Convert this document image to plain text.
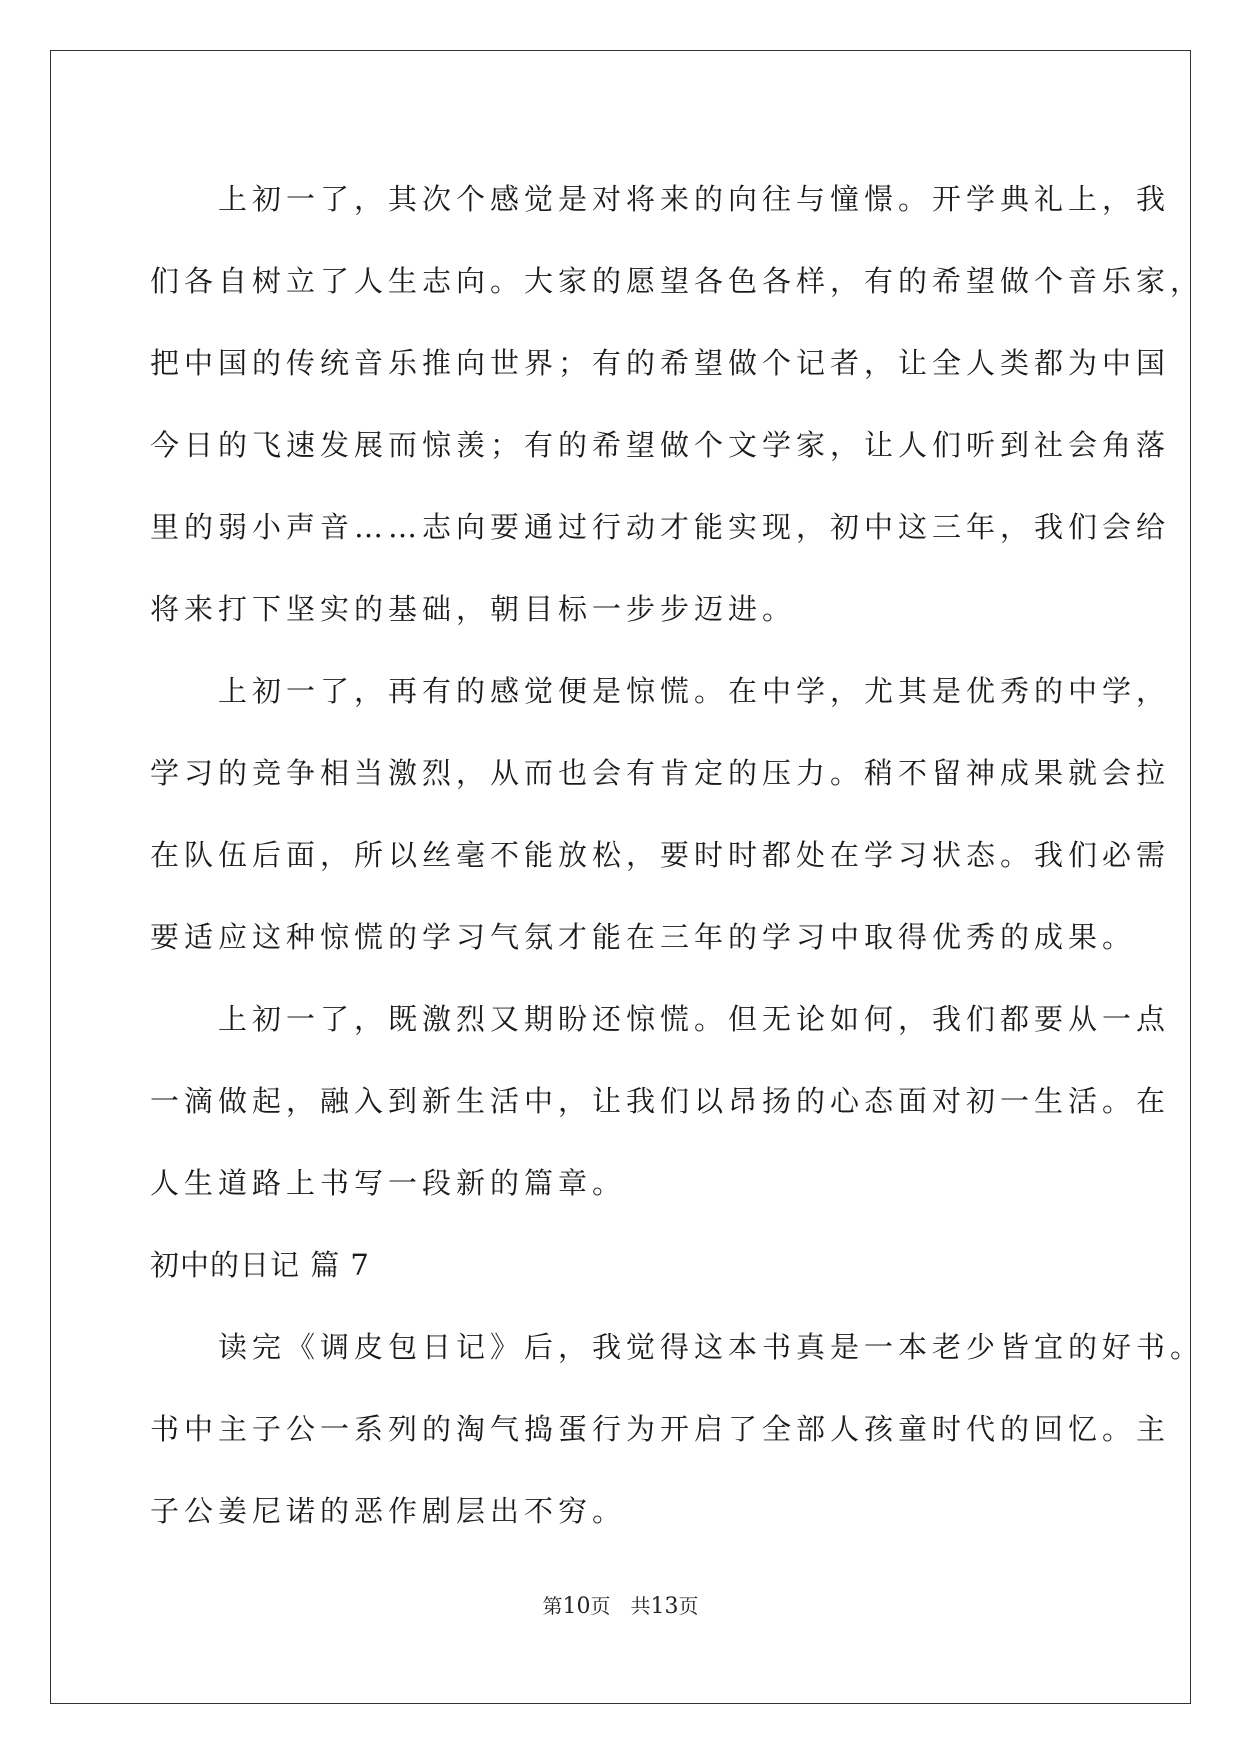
　　上初一了，其次个感觉是对将来的向往与憧憬。开学典礼上，我
们各自树立了人生志向。大家的愿望各色各样，有的希望做个音乐家，
把中国的传统音乐推向世界；有的希望做个记者，让全人类都为中国
今日的飞速发展而惊羡；有的希望做个文学家，让人们听到社会角落
里的弱小声音……志向要通过行动才能实现，初中这三年，我们会给
将来打下坚实的基础，朝目标一步步迈进。
　　上初一了，再有的感觉便是惊慌。在中学，尤其是优秀的中学，
学习的竞争相当激烈，从而也会有肯定的压力。稍不留神成果就会拉
在队伍后面，所以丝毫不能放松，要时时都处在学习状态。我们必需
要适应这种惊慌的学习气氛才能在三年的学习中取得优秀的成果。
　　上初一了，既激烈又期盼还惊慌。但无论如何，我们都要从一点
一滴做起，融入到新生活中，让我们以昂扬的心态面对初一生活。在
人生道路上书写一段新的篇章。
初中的日记 篇 7
　　读完《调皮包日记》后，我觉得这本书真是一本老少皆宜的好书。
书中主子公一系列的淘气捣蛋行为开启了全部人孩童时代的回忆。主
子公姜尼诺的恶作剧层出不穷。
第10页　共13页
